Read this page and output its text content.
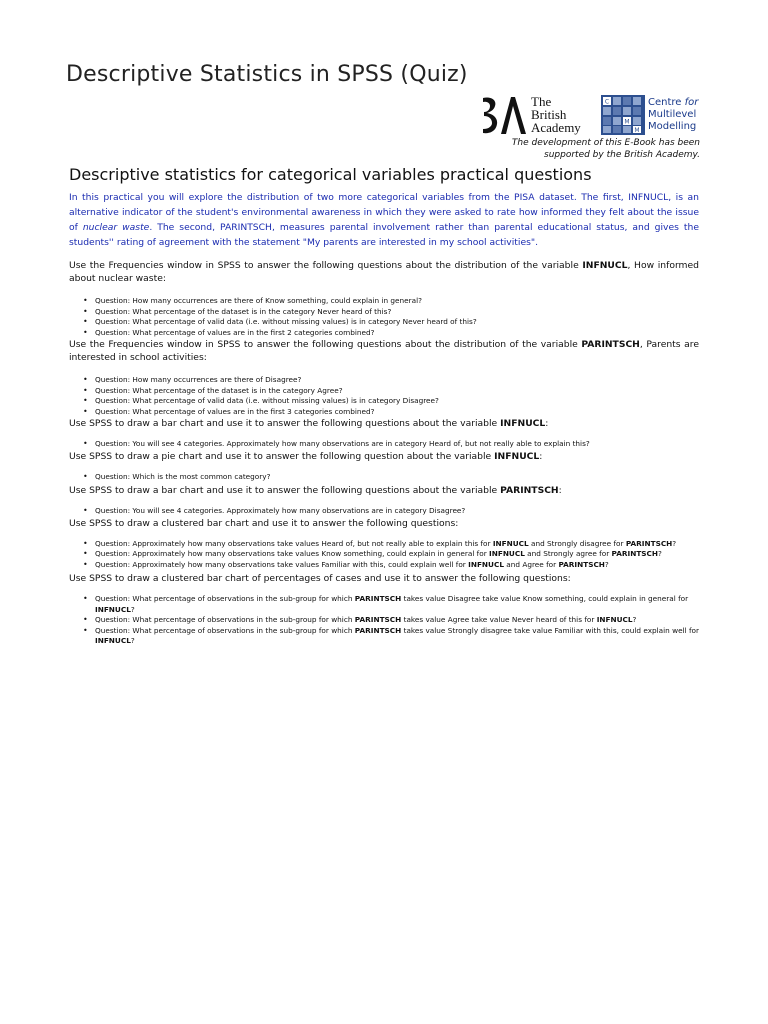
Descriptive Statistics in SPSS (Quiz)
The
British
Academy
C
M
M
Centre for
Multilevel
Modelling
The development of this E-Book has been supported by the British Academy.
Descriptive statistics for categorical variables practical questions

In this practical you will explore the distribution of two more categorical variables from the PISA dataset. The first, INFNUCL, is an alternative indicator of the student's environmental awareness in which they were asked to rate how informed they felt about the issue of nuclear waste. The second, PARINTSCH, measures parental involvement rather than parental educational status, and gives the students'' rating of agreement with the statement "My parents are interested in my school activities".

Use the Frequencies window in SPSS to answer the following questions about the distribution of the variable INFNUCL, How informed about nuclear waste:

• Question: How many occurrences are there of Know something, could explain in general?
• Question: What percentage of the dataset is in the category Never heard of this?
• Question: What percentage of valid data (i.e. without missing values) is in category Never heard of this?
• Question: What percentage of values are in the first 2 categories combined?

Use the Frequencies window in SPSS to answer the following questions about the distribution of the variable PARINTSCH, Parents are interested in school activities:

• Question: How many occurrences are there of Disagree?
• Question: What percentage of the dataset is in the category Agree?
• Question: What percentage of valid data (i.e. without missing values) is in category Disagree?
• Question: What percentage of values are in the first 3 categories combined?

Use SPSS to draw a bar chart and use it to answer the following questions about the variable INFNUCL:

• Question: You will see 4 categories. Approximately how many observations are in category Heard of, but not really able to explain this?

Use SPSS to draw a pie chart and use it to answer the following question about the variable INFNUCL:

• Question: Which is the most common category?

Use SPSS to draw a bar chart and use it to answer the following questions about the variable PARINTSCH:

• Question: You will see 4 categories. Approximately how many observations are in category Disagree?

Use SPSS to draw a clustered bar chart and use it to answer the following questions:

• Question: Approximately how many observations take values Heard of, but not really able to explain this for INFNUCL and Strongly disagree for PARINTSCH?
• Question: Approximately how many observations take values Know something, could explain in general for INFNUCL and Strongly agree for PARINTSCH?
• Question: Approximately how many observations take values Familiar with this, could explain well for INFNUCL and Agree for PARINTSCH?

Use SPSS to draw a clustered bar chart of percentages of cases and use it to answer the following questions:

• Question: What percentage of observations in the sub-group for which PARINTSCH takes value Disagree take value Know something, could explain in general for INFNUCL?
• Question: What percentage of observations in the sub-group for which PARINTSCH takes value Agree take value Never heard of this for INFNUCL?
• Question: What percentage of observations in the sub-group for which PARINTSCH takes value Strongly disagree take value Familiar with this, could explain well for INFNUCL?
